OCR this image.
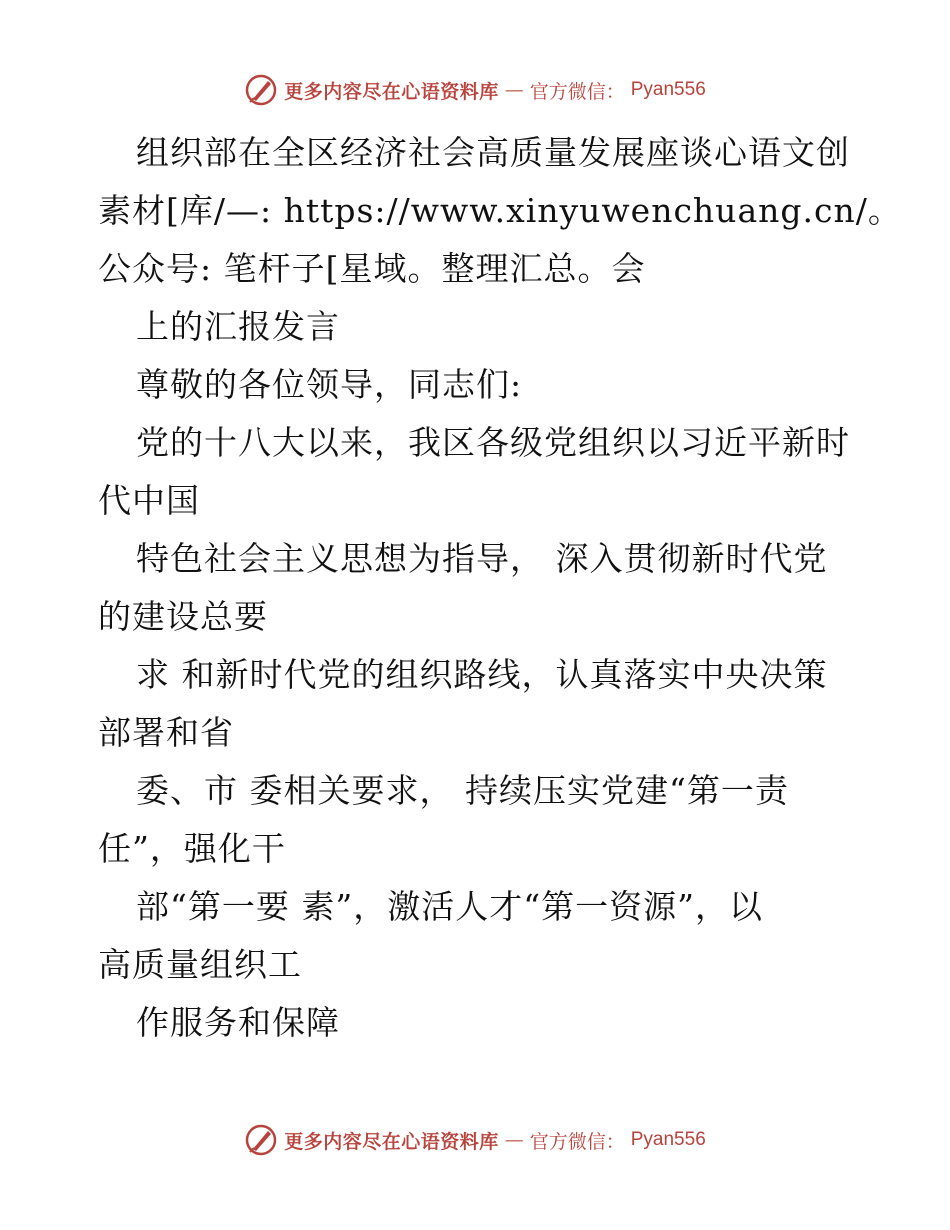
更多内容尽在心语资料库 — 官方微信： Pyan556
组织部在全区经济社会高质量发展座谈心语文创
素材[库/—: https://www.xinyuwenchuang.cn/。
公众号: 笔杆子[星域。整理汇总。会
上的汇报发言
尊敬的各位领导，同志们:
党的十八大以来，我区各级党组织以习近平新时
代中国
特色社会主义思想为指导， 深入贯彻新时代党
的建设总要
求 和新时代党的组织路线，认真落实中央决策
部署和省
委、市 委相关要求， 持续压实党建“第一责
任”，强化干
部“第一要 素”，激活人才“第一资源”，以
高质量组织工
作服务和保障
更多内容尽在心语资料库 — 官方微信： Pyan556
